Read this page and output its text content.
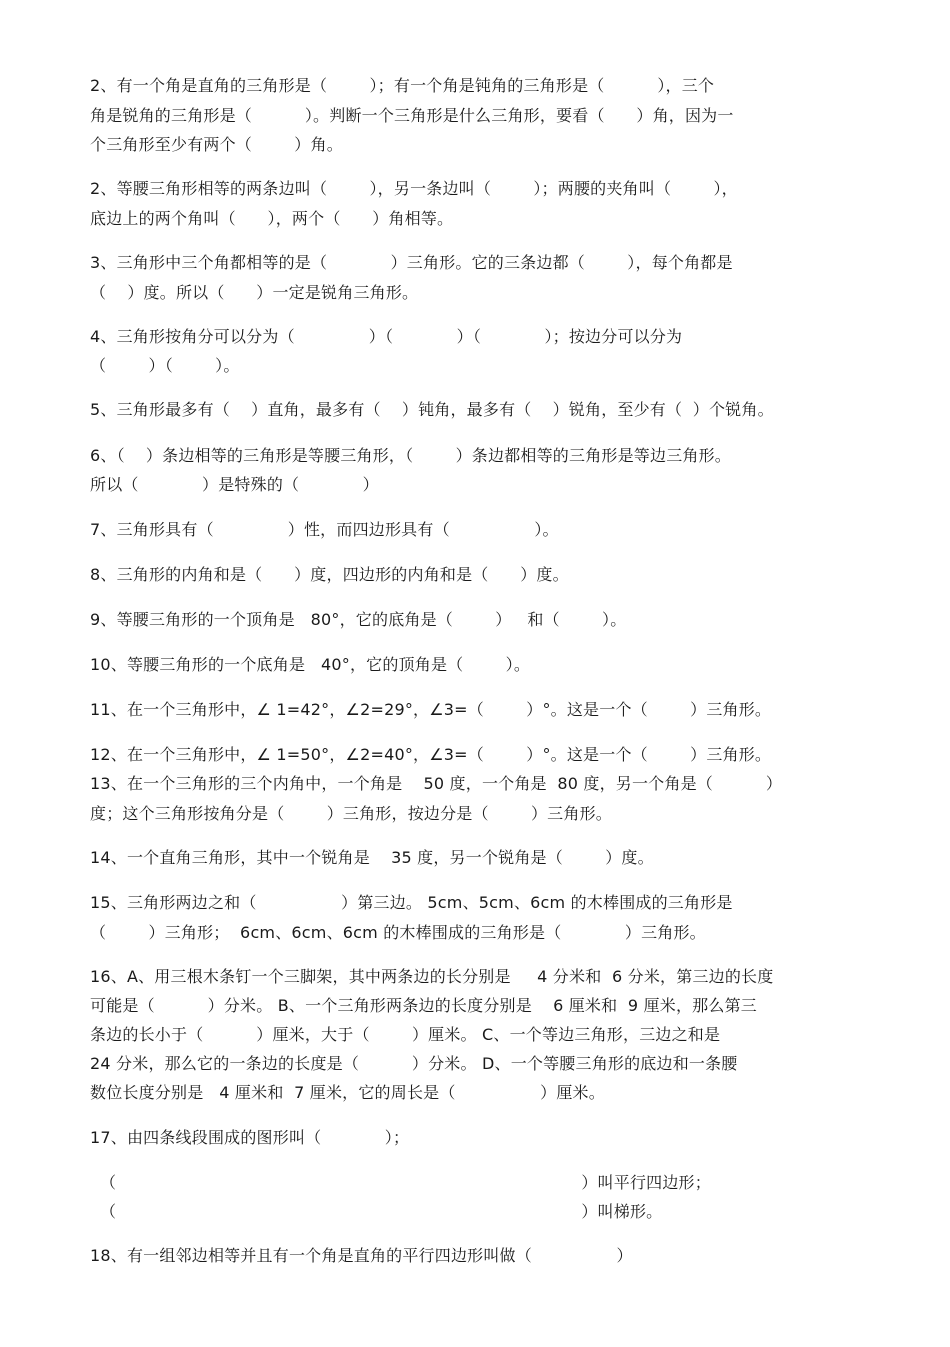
2、有一个角是直角的三角形是（        ）；有一个角是钝角的三角形是（          ），三个

角是锐角的三角形是（          ）。判断一个三角形是什么三角形，要看（      ）角，因为一

个三角形至少有两个（        ）角。

2、等腰三角形相等的两条边叫（        ），另一条边叫（        ）；两腰的夹角叫（        ），

底边上的两个角叫（      ），两个（      ）角相等。

3、三角形中三个角都相等的是（            ）三角形。它的三条边都（        ），每个角都是

（    ）度。所以（      ）一定是锐角三角形。

4、三角形按角分可以分为（              ）（            ）（            ）；按边分可以分为

（        ）（        ）。

5、三角形最多有（    ）直角，最多有（    ）钝角，最多有（    ）锐角，至少有（  ）个锐角。

6、（    ）条边相等的三角形是等腰三角形，（        ）条边都相等的三角形是等边三角形。

所以（            ）是特殊的（            ）

7、三角形具有（              ）性，而四边形具有（                ）。

8、三角形的内角和是（      ）度，四边形的内角和是（      ）度。

9、等腰三角形的一个顶角是   80°，它的底角是（        ）   和（        ）。

10、等腰三角形的一个底角是   40°，它的顶角是（        ）。

11、在一个三角形中，∠ 1=42°，∠2=29°，∠3=（        ）°。这是一个（        ）三角形。

12、在一个三角形中，∠ 1=50°，∠2=40°，∠3=（        ）°。这是一个（        ）三角形。

13、在一个三角形的三个内角中，一个角是    50 度，一个角是  80 度，另一个角是（          ）

度；这个三角形按角分是（        ）三角形，按边分是（        ）三角形。

14、一个直角三角形，其中一个锐角是    35 度，另一个锐角是（        ）度。

15、三角形两边之和（                ）第三边。 5cm、5cm、6cm 的木棒围成的三角形是

（        ）三角形；  6cm、6cm、6cm 的木棒围成的三角形是（            ）三角形。

16、A、用三根木条钉一个三脚架，其中两条边的长分别是     4 分米和  6 分米，第三边的长度

可能是（          ）分米。 B、一个三角形两条边的长度分别是    6 厘米和  9 厘米，那么第三

条边的长小于（          ）厘米，大于（        ）厘米。 C、一个等边三角形，三边之和是

24 分米，那么它的一条边的长度是（          ）分米。 D、一个等腰三角形的底边和一条腰

数位长度分别是   4 厘米和  7 厘米，它的周长是（                ）厘米。

17、由四条线段围成的图形叫（            ）；

（                                                                                        ）叫平行四边形；

（                                                                                        ）叫梯形。

18、有一组邻边相等并且有一个角是直角的平行四边形叫做（                ）
